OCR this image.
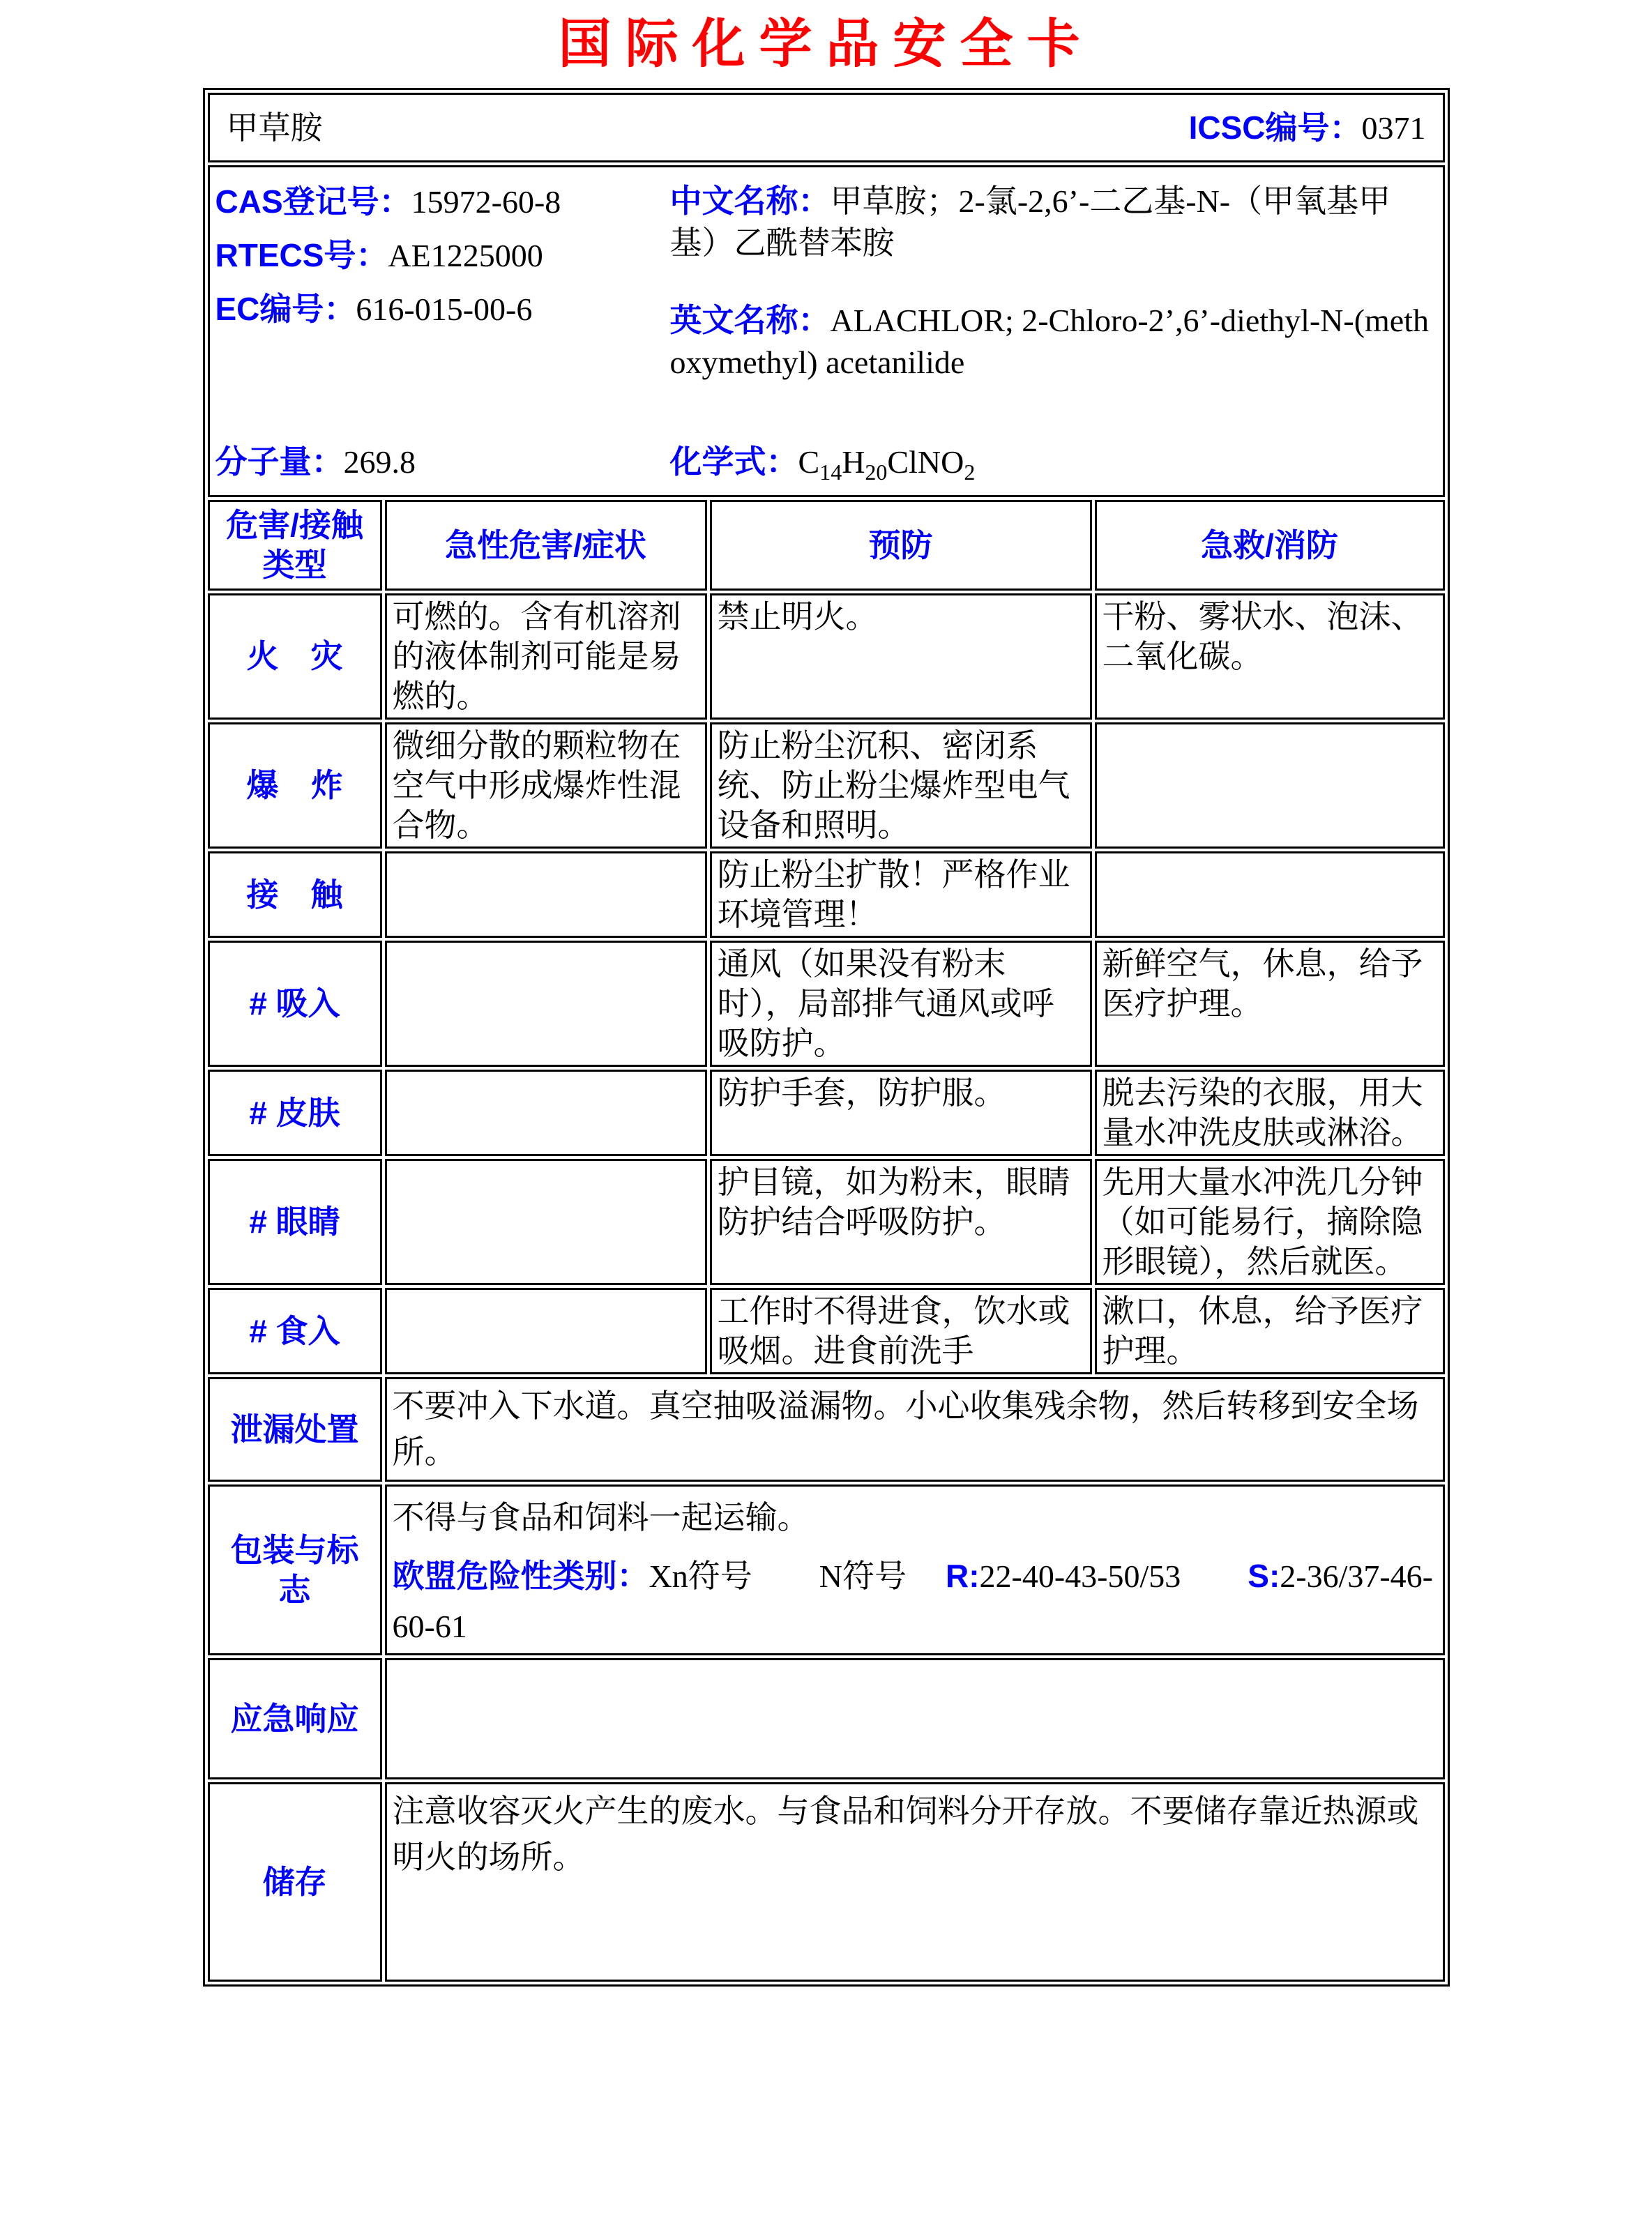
国际化学品安全卡
甲草胺 ICSC编号：0371			

CAS登记号：15972-60-8

RTECS号：AE1225000

EC编号：616-015-00-6

中文名称：甲草胺；2-氯-2,6’-二乙基-N-（甲氧基甲基）乙酰替苯胺

英文名称：ALACHLOR; 2-Chloro-2’,6’-diethyl-N-(methoxymethyl) acetanilide

分子量：269.8	化学式：$C_{14}H_{20}ClNO_2$

危害/接触类型	急性危害/症状	预防	急救/消防
火　灾	可燃的。含有机溶剂的液体制剂可能是易燃的。	禁止明火。	干粉、雾状水、泡沫、二氧化碳。
爆　炸	微细分散的颗粒物在空气中形成爆炸性混合物。	防止粉尘沉积、密闭系统、防止粉尘爆炸型电气设备和照明。	
接　触		防止粉尘扩散！严格作业环境管理！	
# 吸入		通风（如果没有粉末时），局部排气通风或呼吸防护。	新鲜空气，休息，给予医疗护理。
# 皮肤		防护手套，防护服。	脱去污染的衣服，用大量水冲洗皮肤或淋浴。
# 眼睛		护目镜，如为粉末，眼睛防护结合呼吸防护。	先用大量水冲洗几分钟（如可能易行，摘除隐形眼镜），然后就医。
# 食入		工作时不得进食，饮水或吸烟。进食前洗手	漱口，休息，给予医疗护理。
泄漏处置	不要冲入下水道。真空抽吸溢漏物。小心收集残余物，然后转移到安全场所。		
包装与标志	不得与食品和饲料一起运输。

欧盟危险性类别：Xn符号 N符号 R:22-40-43-50/53 S:2-36/37-46-60-61		

应急响应			
储存	注意收容灭火产生的废水。与食品和饲料分开存放。不要储存靠近热源或明火的场所。		
